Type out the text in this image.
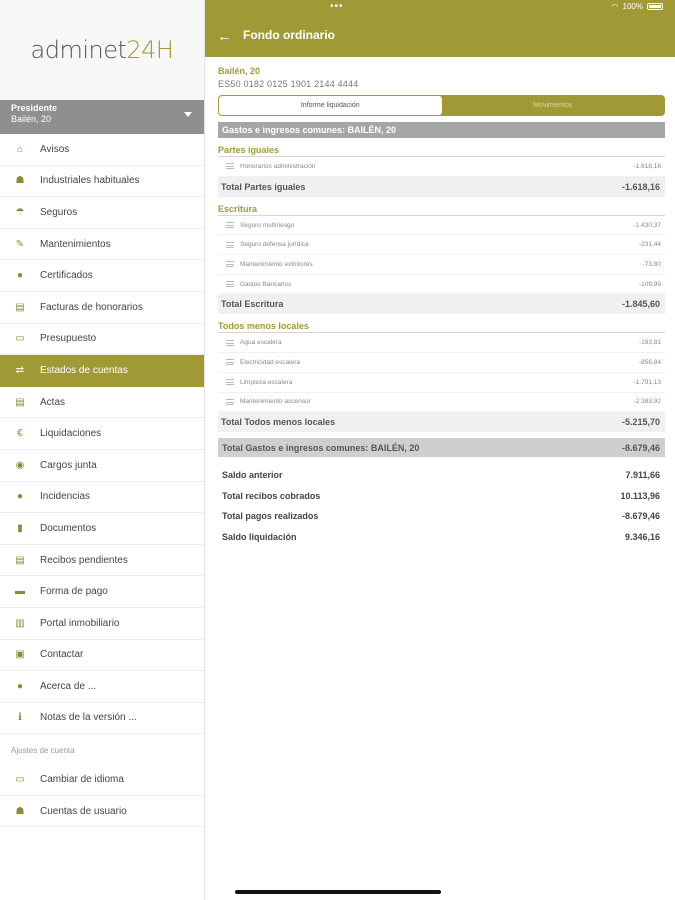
•••	◠ 100%
adminet24H
Presidente
Bailén, 20
⌂ Avisos
☗ Industriales habituales
☂ Seguros
✎ Mantenimientos
● Certificados
▤ Facturas de honorarios
▭ Presupuesto
⇄ Estados de cuentas
▤ Actas
€	Liquidaciones
◉ Cargos junta
● Incidencias
▮	Documentos
▤ Recibos pendientes
▬ Forma de pago
▥ Portal inmobiliario
▣ Contactar
● Acerca de ...
ℹ	Notas de la versión ...
Ajustes de cuenta
▭ Cambiar de idioma
☗ Cuentas de usuario
← Fondo ordinario
Bailén, 20
ES50 0182 0125 1901 2144 4444
Informe liquidación	Movimientos
Gastos e ingresos comunes: BAILÉN, 20
Partes iguales
Honorarios administración	-1.618,16
Total Partes iguales	-1.618,16
Escritura
Seguro multiriesgo	-1.430,37
Seguro defensa jurídica	-231,44
Mantenimiento extintores	-73,80
Gastos Bancarios	-109,99
Total Escritura	-1.845,60
Todos menos locales
Agua escalera	-193,81
Electricidad escalera	-856,84
Limpieza escalera	-1.791,13
Mantenimiento ascensor	-2.383,92
Total Todos menos locales	-5.215,70
Total Gastos e ingresos comunes: BAILÉN, 20	-8.679,46
Saldo anterior	7.911,66
Total recibos cobrados	10.113,96
Total pagos realizados	-8.679,46
Saldo liquidación	9.346,16
